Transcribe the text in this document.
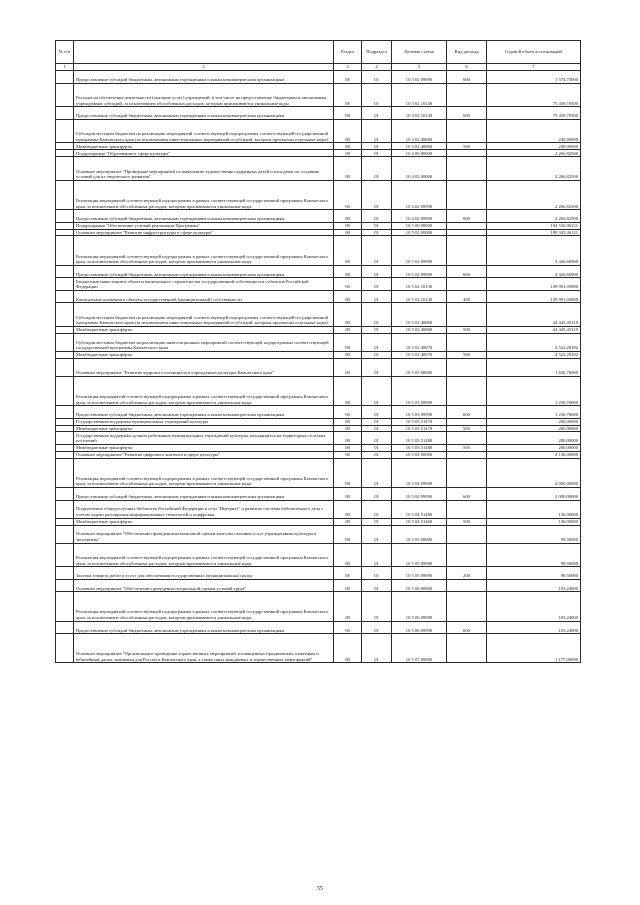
№ п/п		Раздел	Подраздел	Целевая статья	Вид расхода	Годовой объем ассигнований
1	2	3	4	5	6	7
	Предоставление субсидий бюджетным, автономным учреждениям и иным некоммерческим организациям	08	01	10 3 02 09990	600	1 574,75000
	Расходы на обеспечение деятельности (оказание услуг) учреждений, в том числе на предоставление бюджетным и автономным учреждениям субсидий, за исключением обособленных расходов, которым присваиваются уникальные коды	08	01	10 3 02 10140		75 458,70300
	Предоставление субсидий бюджетным, автономным учреждениям и иным некоммерческим организациям	08	01	10 3 02 10140	600	75 458,70300
	Субсидии местным бюджетам на реализацию мероприятий соответствующей подпрограммы соответствующей государственной программы Камчатского края (за исключением инвестиционных мероприятий и субсидий, которым присвоены отдельные коды)	08	01	10 3 02 40060		240,00000
	Межбюджетные трансферты	08	01	10 3 02 40060	500	240,00000
	Подпрограмма "Образование в сфере культуры"	08	01	10 4 00 00000		2 266,82500
	Основное мероприятие "Проведение мероприятий по выявлению художественно одаренных детей и молодежи по созданию условий для их творческого развития"	08	01	10 4 02 00000		2 266,82500
	Реализация мероприятий соответствующей подпрограммы в рамках соответствующей государственной программы Камчатского края, за исключением обособленных расходов, которым присваиваются уникальные коды	08	01	10 4 02 09990		2 266,82500
	Предоставление субсидий бюджетным, автономным учреждениям и иным некоммерческим организациям	08	01	10 4 02 09990	600	2 266,82500
	Подпрограмма "Обеспечение условий реализации Программы"	08	01	10 5 00 00000		194 536,96121
	Основное мероприятие "Развитие инфраструктуры в сфере культуры"	08	01	10 5 02 00000		189 345,46121
	Реализация мероприятий соответствующей подпрограммы в рамках соответствующей государственной программы Камчатского края, за исключением обособленных расходов, которым присваиваются уникальные коды	08	01	10 5 02 09990		2 426,66900
	Предоставление субсидий бюджетным, автономным учреждениям и иным некоммерческим организациям	08	01	10 5 02 09990	600	2 426,66900
	Бюджетные инвестиции в объекты капитального строительства государственной собственности субъектов Российской Федерации	08	01	10 5 02 10130		139 991,05800
	Капитальные вложения в объекты государственной (муниципальной) собственности	08	01	10 5 02 10130	400	139 991,05800
	Субсидии местным бюджетам на реализацию мероприятий соответствующей подпрограммы соответствующей государственной программы Камчатского края (за исключением инвестиционных мероприятий и субсидий, которым присвоены отдельные коды)	08	01	10 5 02 40060		44 445,45319
	Межбюджетные трансферты	08	01	10 5 02 40060	500	44 445,45319
	Субсидии местным бюджетам на реализацию инвестиционных мероприятий соответствующей подпрограммы соответствующей государственной программы Камчатского края	08	01	10 5 02 40070		2 522,28102
	Межбюджетные трансферты	08	01	10 5 02 40070	500	2 522,28102
	Основное мероприятие "Развитие кадрового потенциала в учреждениях культуры Камчатского края"	08	01	10 5 03 00000		1 636,76000
	Реализация мероприятий соответствующей подпрограммы в рамках соответствующей государственной программы Камчатского края, за исключением обособленных расходов, которым присваиваются уникальные коды	08	01	10 5 03 09990		1 236,76000
	Предоставление субсидий бюджетным, автономным учреждениям и иным некоммерческим организациям	08	01	10 5 03 09990	600	1 236,76000
	Государственная поддержка муниципальных учреждений культуры	08	01	10 5 03 51470		200,00000
	Межбюджетные трансферты	08	01	10 5 03 51470	500	200,00000
	Государственная поддержка лучших работников муниципальных учреждений культуры, находящихся на территориях сельских поселений	08	01	10 5 03 51480		200,00000
	Межбюджетные трансферты	08	01	10 5 03 51480	500	200,00000
	Основное мероприятие "Развитие цифрового контента в сфере культуры"	08	01	10 5 04 00000		2 136,00000
	Реализация мероприятий соответствующей подпрограммы в рамках соответствующей государственной программы Камчатского края, за исключением обособленных расходов, которым присваиваются уникальные коды	08	01	10 5 04 09990		2 000,00000
	Предоставление субсидий бюджетным, автономным учреждениям и иным некоммерческим организациям	08	01	10 5 04 09990	600	2 000,00000
	Подключение общедоступных библиотек Российской Федерации к сети "Интернет" и развитие системы библиотечного дела с учетом задачи расширения информационных технологий и оцифровки	08	01	10 5 04 51460		136,00000
	Межбюджетные трансферты	08	01	10 5 04 51460	500	136,00000
	Основное мероприятие "Обеспечение проведения независимой оценки качества оказания услуг учреждениями культуры и экспертизы"	08	01	10 5 05 00000		98,50000
	Реализация мероприятий соответствующей подпрограммы в рамках соответствующей государственной программы Камчатского края, за исключением обособленных расходов, которым присваиваются уникальные коды	08	01	10 5 05 09990		98,50000
	Закупка товаров, работ и услуг для обеспечения государственных (муниципальных) нужд	08	01	10 5 05 09990	200	98,50000
	Основное мероприятие "Обеспечение проведения специальной оценки условий труда"	08	01	10 5 06 00000		103,24000
	Реализация мероприятий соответствующей подпрограммы в рамках соответствующей государственной программы Камчатского края, за исключением обособленных расходов, которым присваиваются уникальные коды	08	01	10 5 06 09990		103,24000
	Предоставление субсидий бюджетным, автономным учреждениям и иным некоммерческим организациям	08	01	10 5 06 09990	600	103,24000
	Основное мероприятие "Организация и проведение торжественных мероприятий, посвященных праздничным, памятным и юбилейным датам, значимым для России и Камчатского края, а также иных имиджевых и торжественных мероприятий"	08	01	10 5 07 00000		1 177,00000
55
